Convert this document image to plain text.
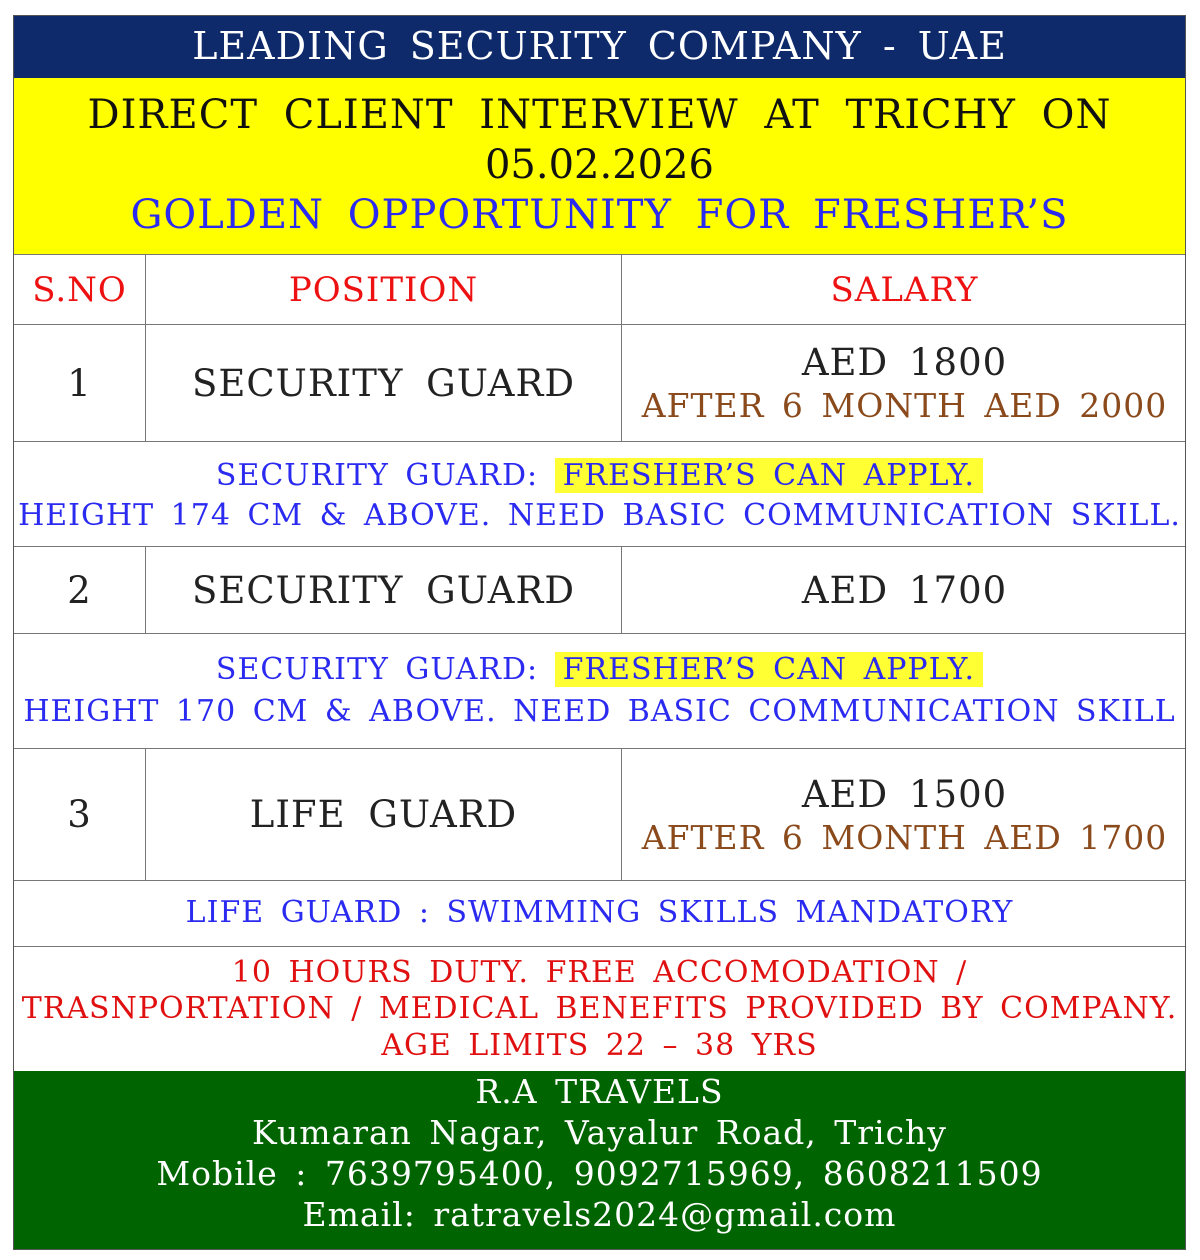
LEADING SECURITY COMPANY - UAE
DIRECT CLIENT INTERVIEW AT TRICHY ON
05.02.2026
GOLDEN OPPORTUNITY FOR FRESHER’S
S.NO	POSITION	SALARY
1	SECURITY GUARD	AED 1800
AFTER 6 MONTH AED 2000
SECURITY GUARD: FRESHER’S CAN APPLY.
HEIGHT 174 CM & ABOVE. NEED BASIC COMMUNICATION SKILL.
2	SECURITY GUARD	AED 1700
SECURITY GUARD: FRESHER’S CAN APPLY.
HEIGHT 170 CM & ABOVE. NEED BASIC COMMUNICATION SKILL
3	LIFE GUARD	AED 1500
AFTER 6 MONTH AED 1700
LIFE GUARD : SWIMMING SKILLS MANDATORY
10 HOURS DUTY. FREE ACCOMODATION /
TRASNPORTATION / MEDICAL BENEFITS PROVIDED BY COMPANY.
AGE LIMITS 22 – 38 YRS
R.A TRAVELS
Kumaran Nagar, Vayalur Road, Trichy
Mobile : 7639795400, 9092715969, 8608211509
Email: ratravels2024@gmail.com
